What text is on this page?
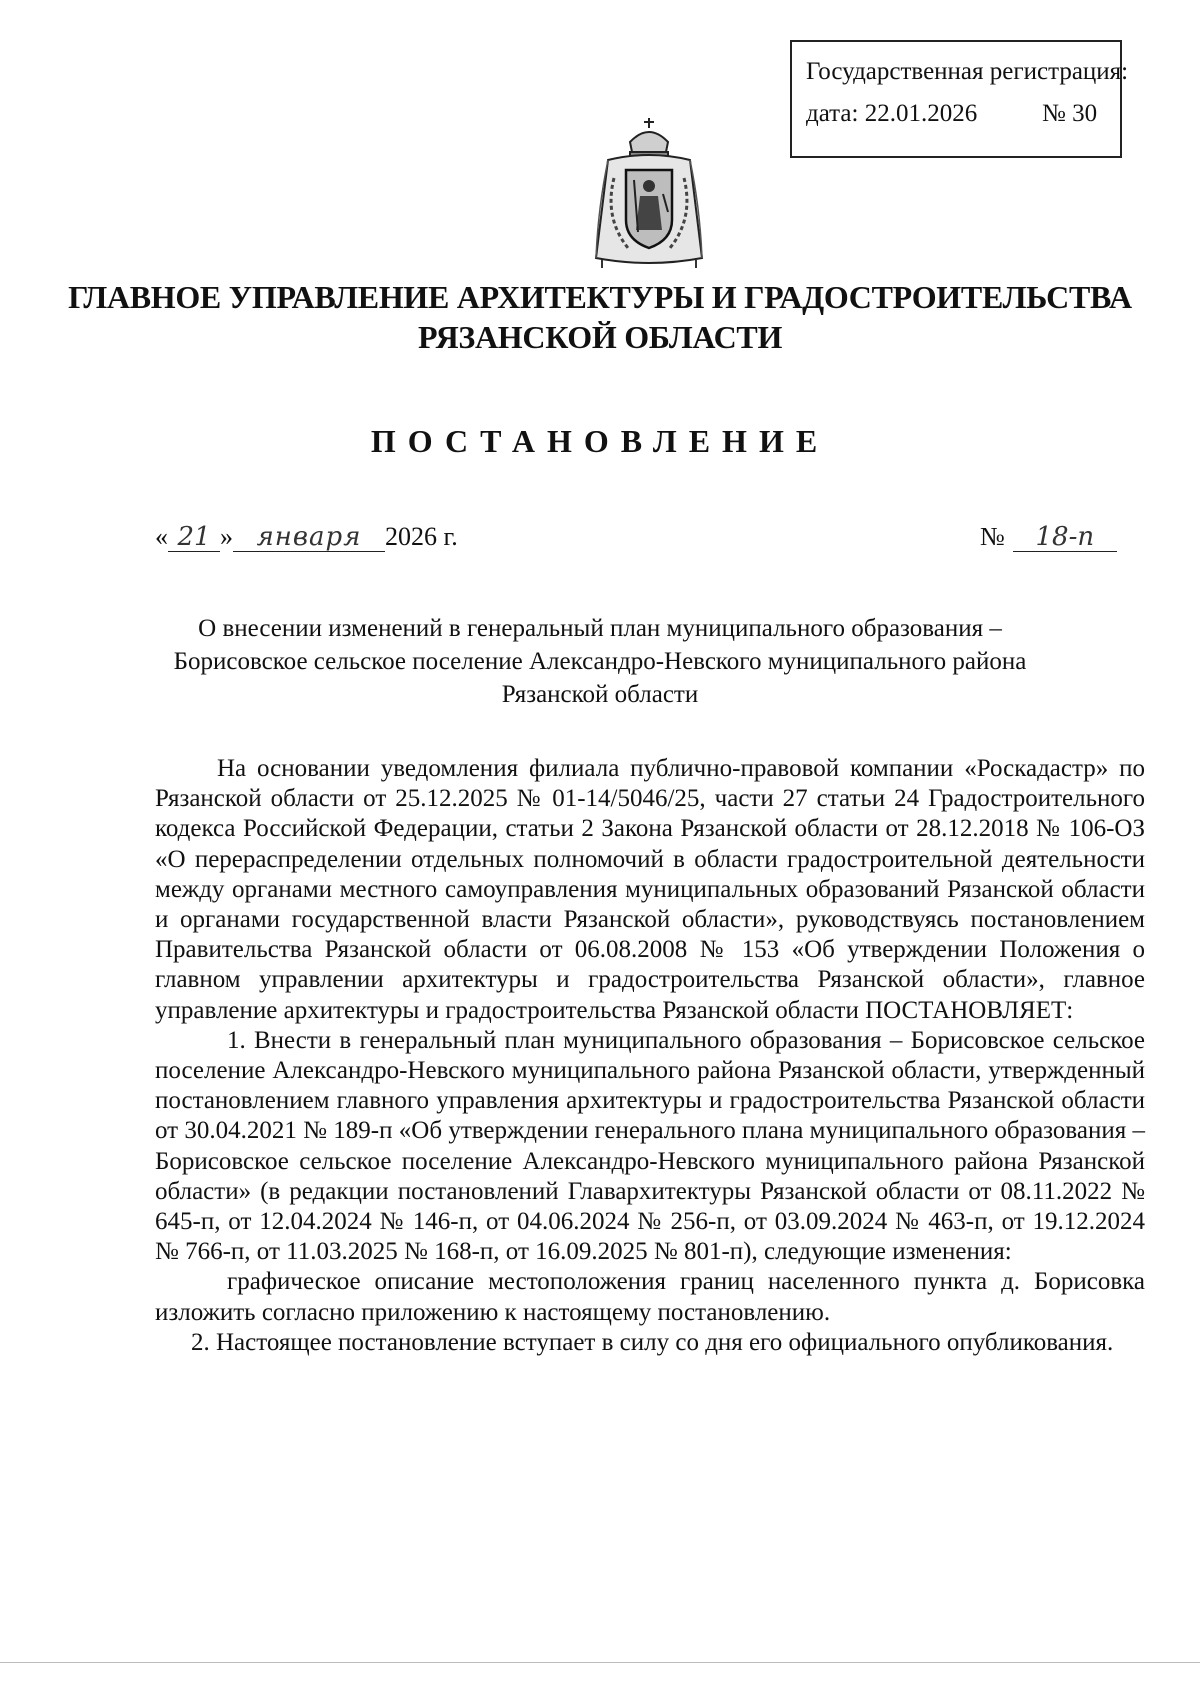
Государственная регистрация:
дата: 22.01.2026	№ 30
ГЛАВНОЕ УПРАВЛЕНИЕ АРХИТЕКТУРЫ И ГРАДОСТРОИТЕЛЬСТВА
РЯЗАНСКОЙ ОБЛАСТИ
ПОСТАНОВЛЕНИЕ
« 21 » января 2026 г.	№ 18-п
О внесении изменений в генеральный план муниципального образования –
Борисовское сельское поселение Александро-Невского муниципального района
Рязанской области

На основании уведомления филиала публично-правовой компании «Роскадастр» по Рязанской области от 25.12.2025 № 01-14/5046/25, части 27 статьи 24 Градостроительного кодекса Российской Федерации, статьи 2 Закона Рязанской области от 28.12.2018 № 106-ОЗ «О перераспределении отдельных полномочий в области градостроительной деятельности между органами местного самоуправления муниципальных образований Рязанской области и органами государственной власти Рязанской области», руководствуясь постановлением Правительства Рязанской области от 06.08.2008 № 153 «Об утверждении Положения о главном управлении архитектуры и градостроительства Рязанской области», главное управление архитектуры и градостроительства Рязанской области ПОСТАНОВЛЯЕТ:

1. Внести в генеральный план муниципального образования – Борисовское сельское поселение Александро-Невского муниципального района Рязанской области, утвержденный постановлением главного управления архитектуры и градостроительства Рязанской области от 30.04.2021 № 189-п «Об утверждении генерального плана муниципального образования – Борисовское сельское поселение Александро-Невского муниципального района Рязанской области» (в редакции постановлений Главархитектуры Рязанской области от 08.11.2022 № 645-п, от 12.04.2024 № 146-п, от 04.06.2024 № 256-п, от 03.09.2024 № 463-п, от 19.12.2024 № 766-п, от 11.03.2025 № 168-п, от 16.09.2025 № 801-п), следующие изменения:

графическое описание местоположения границ населенного пункта д. Борисовка изложить согласно приложению к настоящему постановлению.

2. Настоящее постановление вступает в силу со дня его официального опубликования.
